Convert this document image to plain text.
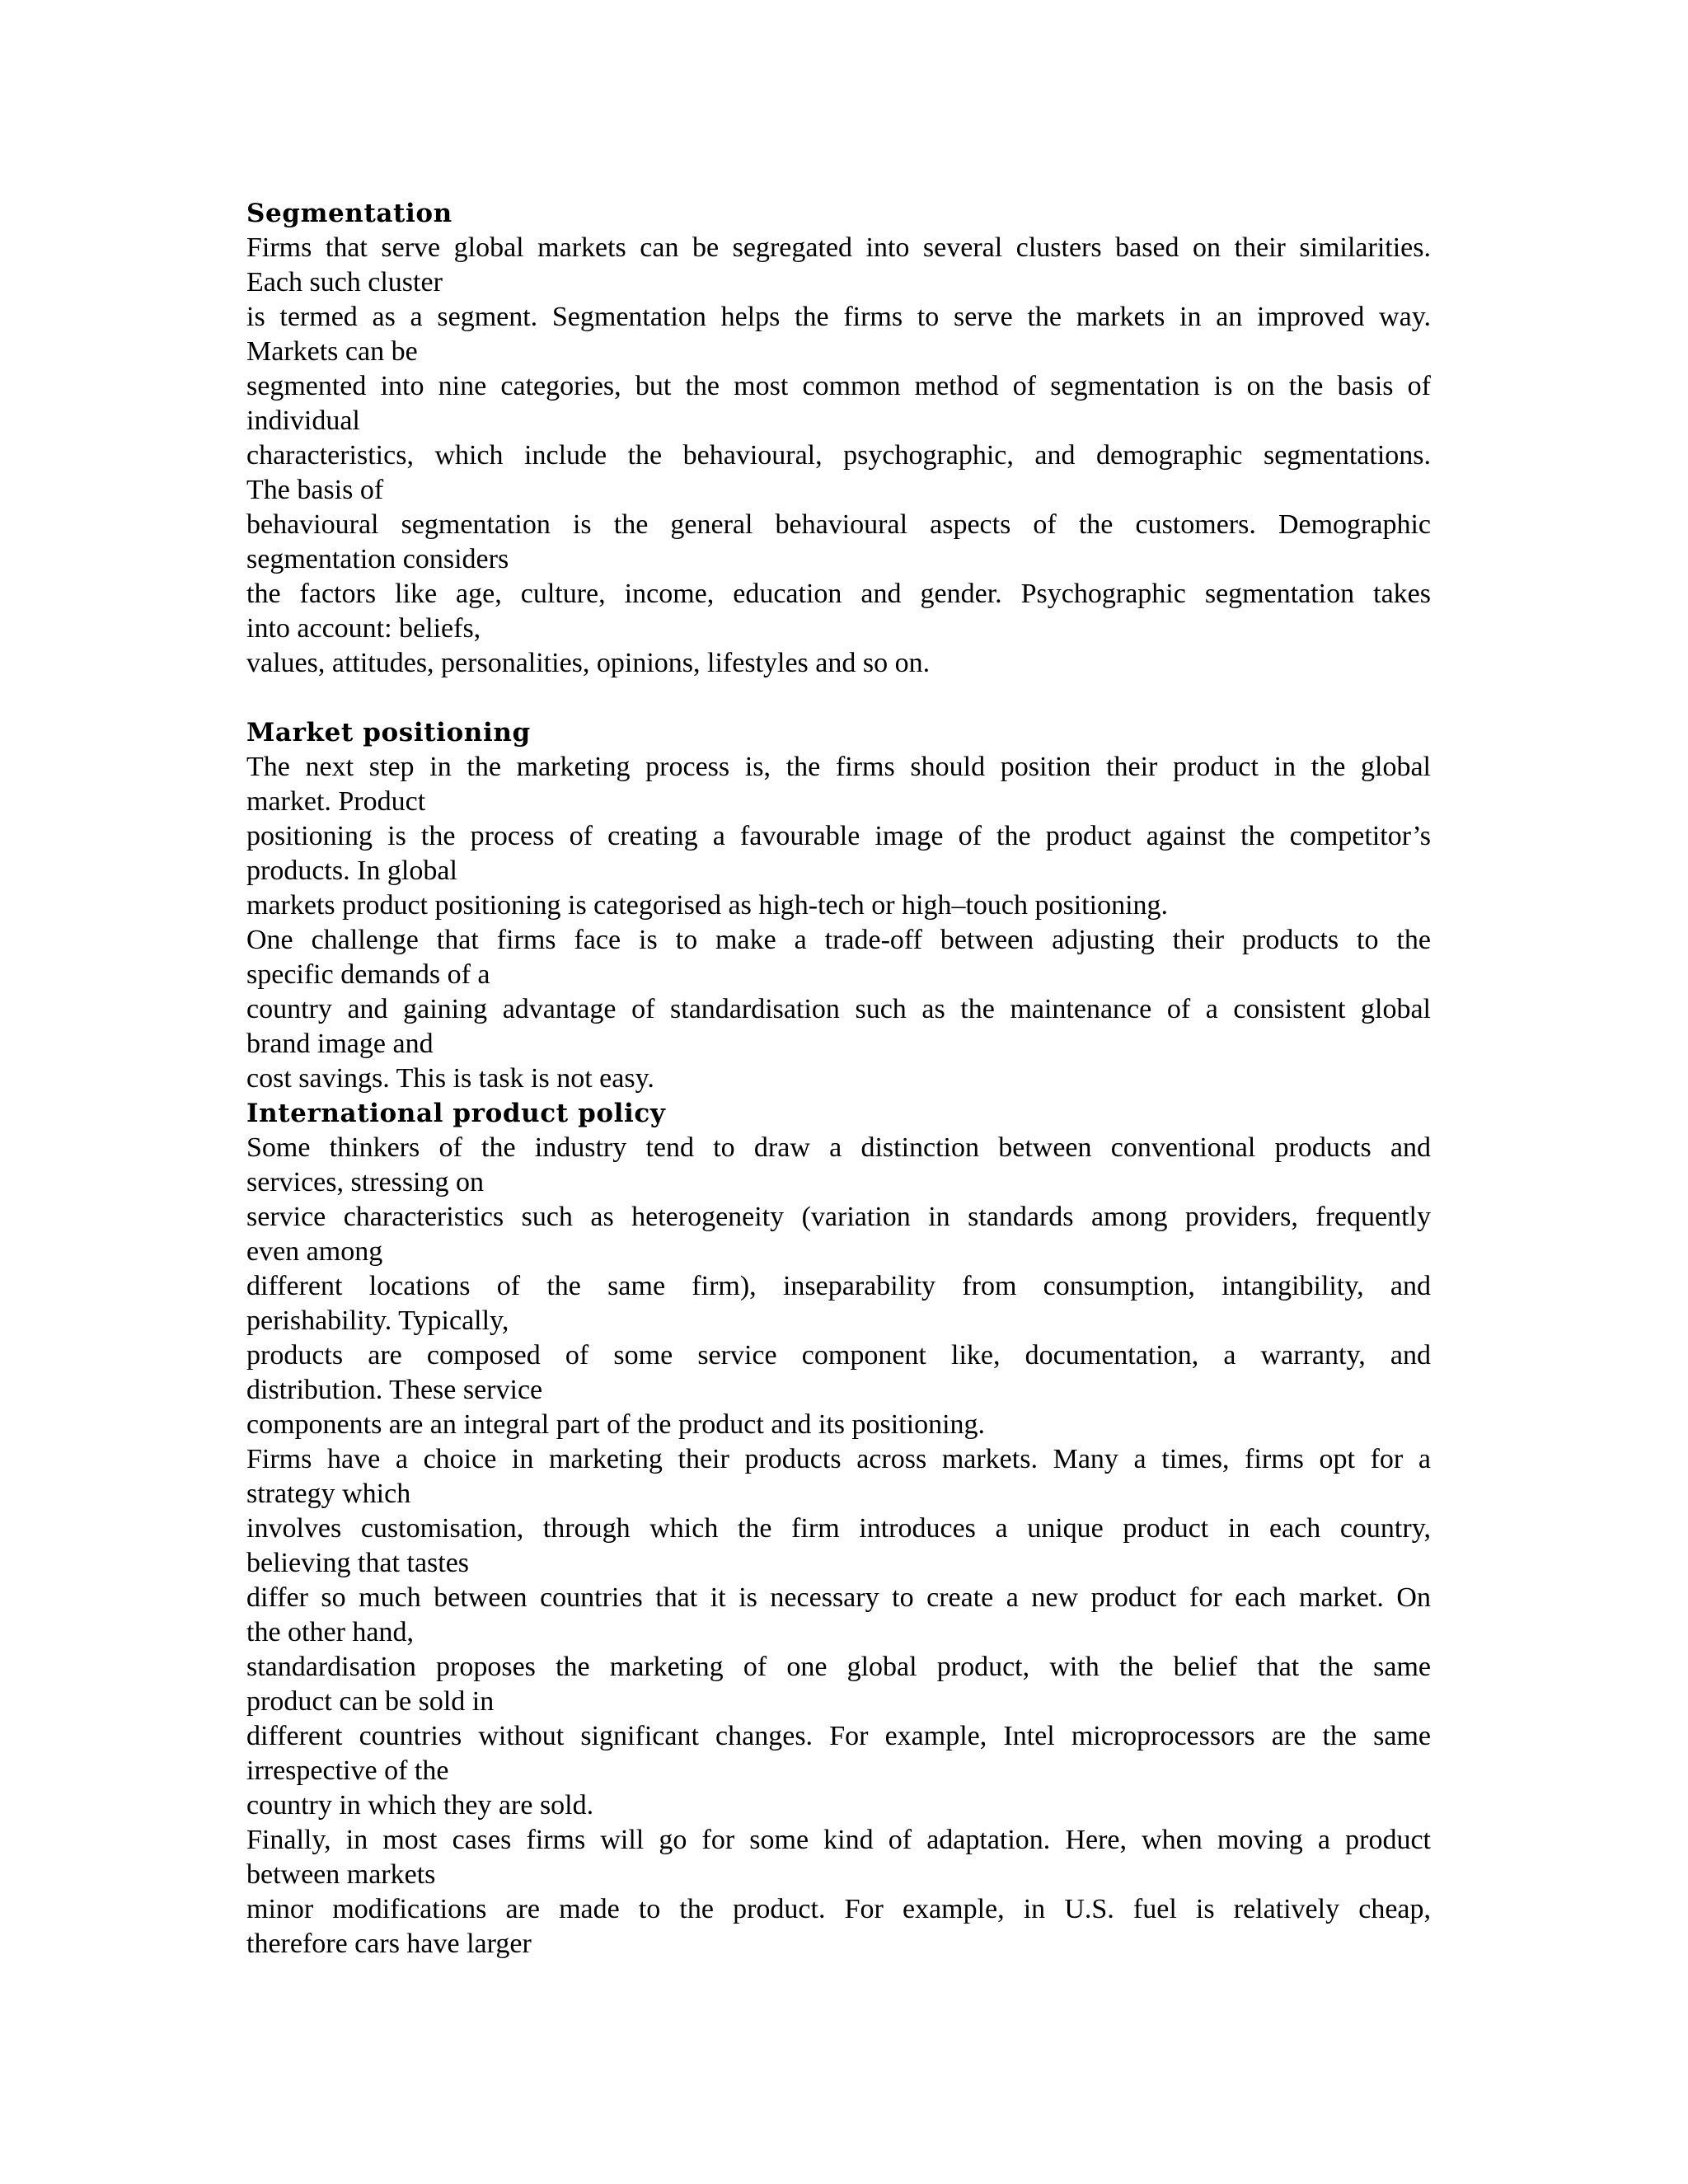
Segmentation
Firms that serve global markets can be segregated into several clusters based on their similarities.
Each such cluster
is termed as a segment. Segmentation helps the firms to serve the markets in an improved way.
Markets can be
segmented into nine categories, but the most common method of segmentation is on the basis of
individual
characteristics, which include the behavioural, psychographic, and demographic segmentations.
The basis of
behavioural segmentation is the general behavioural aspects of the customers. Demographic
segmentation considers
the factors like age, culture, income, education and gender. Psychographic segmentation takes
into account: beliefs,
values, attitudes, personalities, opinions, lifestyles and so on.
Market positioning
The next step in the marketing process is, the firms should position their product in the global
market. Product
positioning is the process of creating a favourable image of the product against the competitor’s
products. In global
markets product positioning is categorised as high-tech or high–touch positioning.
One challenge that firms face is to make a trade-off between adjusting their products to the
specific demands of a
country and gaining advantage of standardisation such as the maintenance of a consistent global
brand image and
cost savings. This is task is not easy.
International product policy
Some thinkers of the industry tend to draw a distinction between conventional products and
services, stressing on
service characteristics such as heterogeneity (variation in standards among providers, frequently
even among
different locations of the same firm), inseparability from consumption, intangibility, and
perishability. Typically,
products are composed of some service component like, documentation, a warranty, and
distribution. These service
components are an integral part of the product and its positioning.
Firms have a choice in marketing their products across markets. Many a times, firms opt for a
strategy which
involves customisation, through which the firm introduces a unique product in each country,
believing that tastes
differ so much between countries that it is necessary to create a new product for each market. On
the other hand,
standardisation proposes the marketing of one global product, with the belief that the same
product can be sold in
different countries without significant changes. For example, Intel microprocessors are the same
irrespective of the
country in which they are sold.
Finally, in most cases firms will go for some kind of adaptation. Here, when moving a product
between markets
minor modifications are made to the product. For example, in U.S. fuel is relatively cheap,
therefore cars have larger
